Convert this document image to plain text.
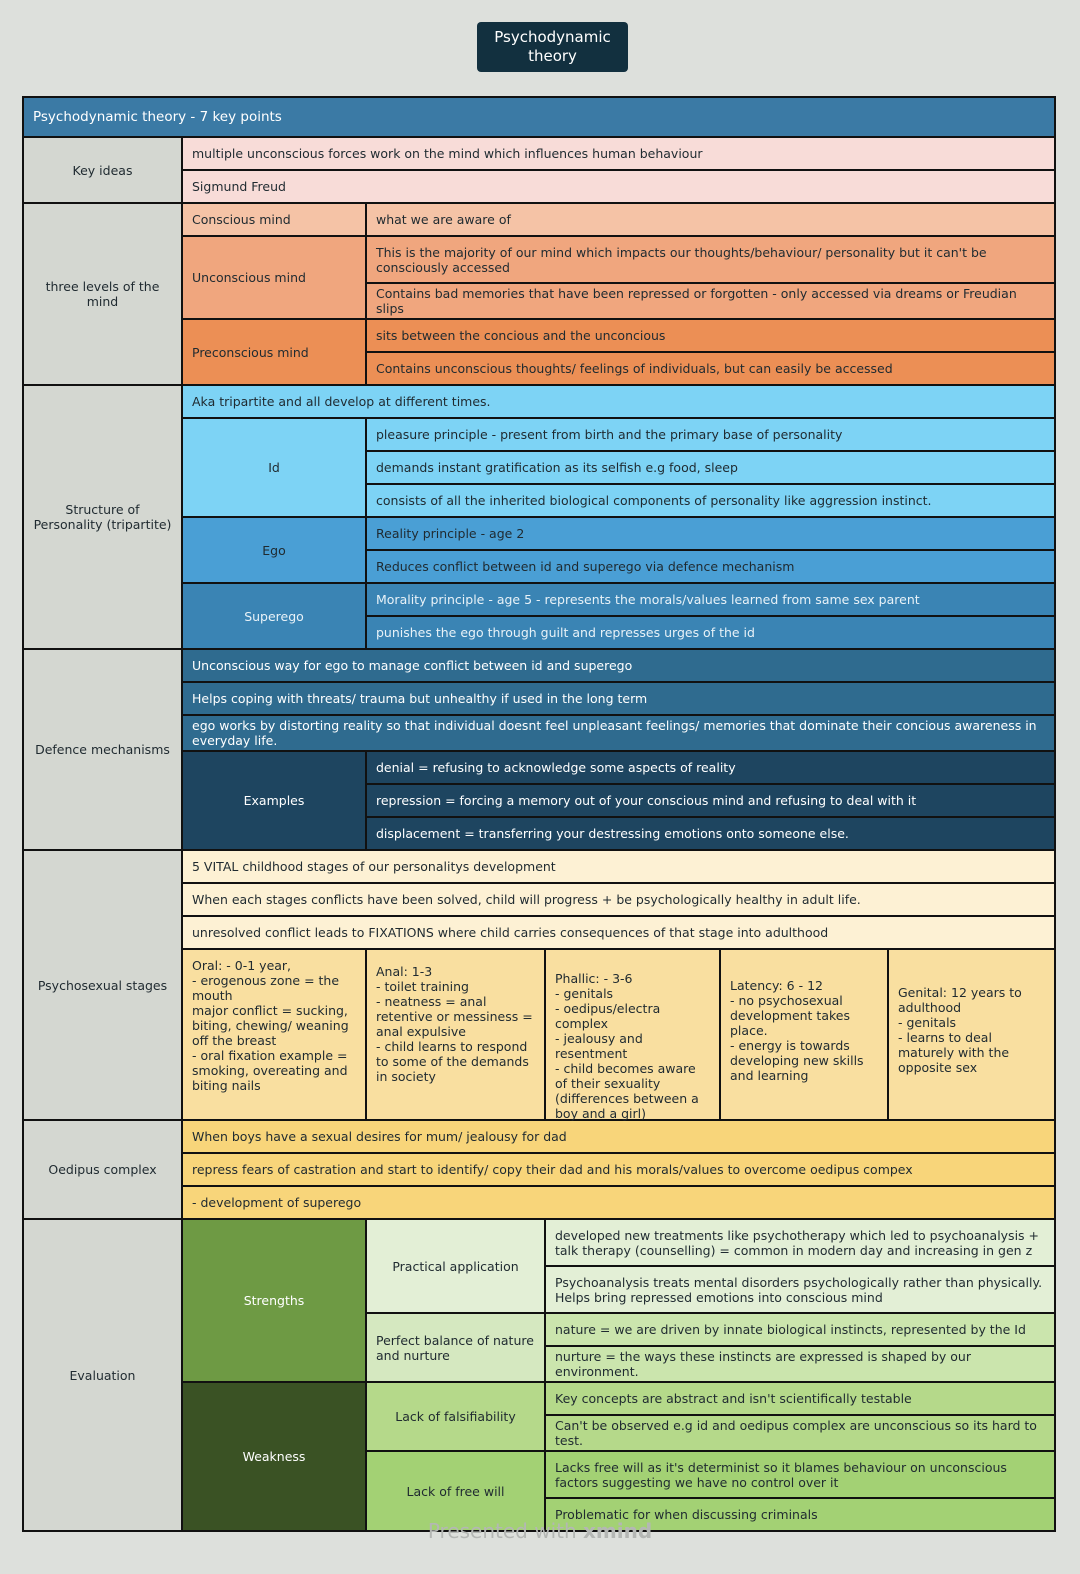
Psychodynamic theory
Psychodynamic theory - 7 key points					
Key ideas	multiple unconscious forces work on the mind which influences human behaviour				
	Sigmund Freud				
three levels of the mind	Conscious mind	what we are aware of			
	Unconscious mind	This is the majority of our mind which impacts our thoughts/behaviour/ personality but it can't be consciously accessed			
		Contains bad memories that have been repressed or forgotten - only accessed via dreams or Freudian slips			
	Preconscious mind	sits between the concious and the unconcious			
		Contains unconscious thoughts/ feelings of individuals, but can easily be accessed			
Structure of Personality (tripartite)	Aka tripartite and all develop at different times.				
	Id	pleasure principle - present from birth and the primary base of personality			
		demands instant gratification as its selfish e.g food, sleep			
		consists of all the inherited biological components of personality like aggression instinct.			
	Ego	Reality principle - age 2			
		Reduces conflict between id and superego via defence mechanism			
	Superego	Morality principle - age 5 - represents the morals/values learned from same sex parent			
		punishes the ego through guilt and represses urges of the id			
Defence mechanisms	Unconscious way for ego to manage conflict between id and superego				
	Helps coping with threats/ trauma but unhealthy if used in the long term				
	ego works by distorting reality so that individual doesnt feel unpleasant feelings/ memories that dominate their concious awareness in everyday life.				
	Examples	denial = refusing to acknowledge some aspects of reality			
		repression = forcing a memory out of your conscious mind and refusing to deal with it			
		displacement = transferring your destressing emotions onto someone else.			
Psychosexual stages	5 VITAL childhood stages of our personalitys development				
	When each stages conflicts have been solved, child will progress + be psychologically healthy in adult life.				
	unresolved conflict leads to FIXATIONS where child carries consequences of that stage into adulthood				

	Oral: - 0-1 year,
- erogenous zone = the mouth
major conflict = sucking, biting, chewing/ weaning off the breast
- oral fixation example = smoking, overeating and biting nails	Anal: 1-3
- toilet training
- neatness = anal retentive or messiness = anal expulsive
- child learns to respond to some of the demands in society	Phallic: - 3-6
- genitals
- oedipus/electra complex
- jealousy and resentment
- child becomes aware of their sexuality (differences between a boy and a girl)	Latency: 6 - 12
- no psychosexual development takes place.
- energy is towards developing new skills and learning	Genital: 12 years to adulthood
- genitals
- learns to deal maturely with the opposite sex

Oedipus complex	When boys have a sexual desires for mum/ jealousy for dad				
	repress fears of castration and start to identify/ copy their dad and his morals/values to overcome oedipus compex				
	- development of superego				
Evaluation	Strengths	Practical application	developed new treatments like psychotherapy which led to psychoanalysis + talk therapy (counselling) = common in modern day and increasing in gen z		
			Psychoanalysis treats mental disorders psychologically rather than physically. Helps bring repressed emotions into conscious mind		
		Perfect balance of nature and nurture	nature = we are driven by innate biological instincts, represented by the Id		
			nurture = the ways these instincts are expressed is shaped by our environment.		
	Weakness	Lack of falsifiability	Key concepts are abstract and isn't scientifically testable		
			Can't be observed e.g id and oedipus complex are unconscious so its hard to test.		
		Lack of free will	Lacks free will as it's determinist so it blames behaviour on unconscious factors suggesting we have no control over it		
			Problematic for when discussing criminals		
Presented with xmind
